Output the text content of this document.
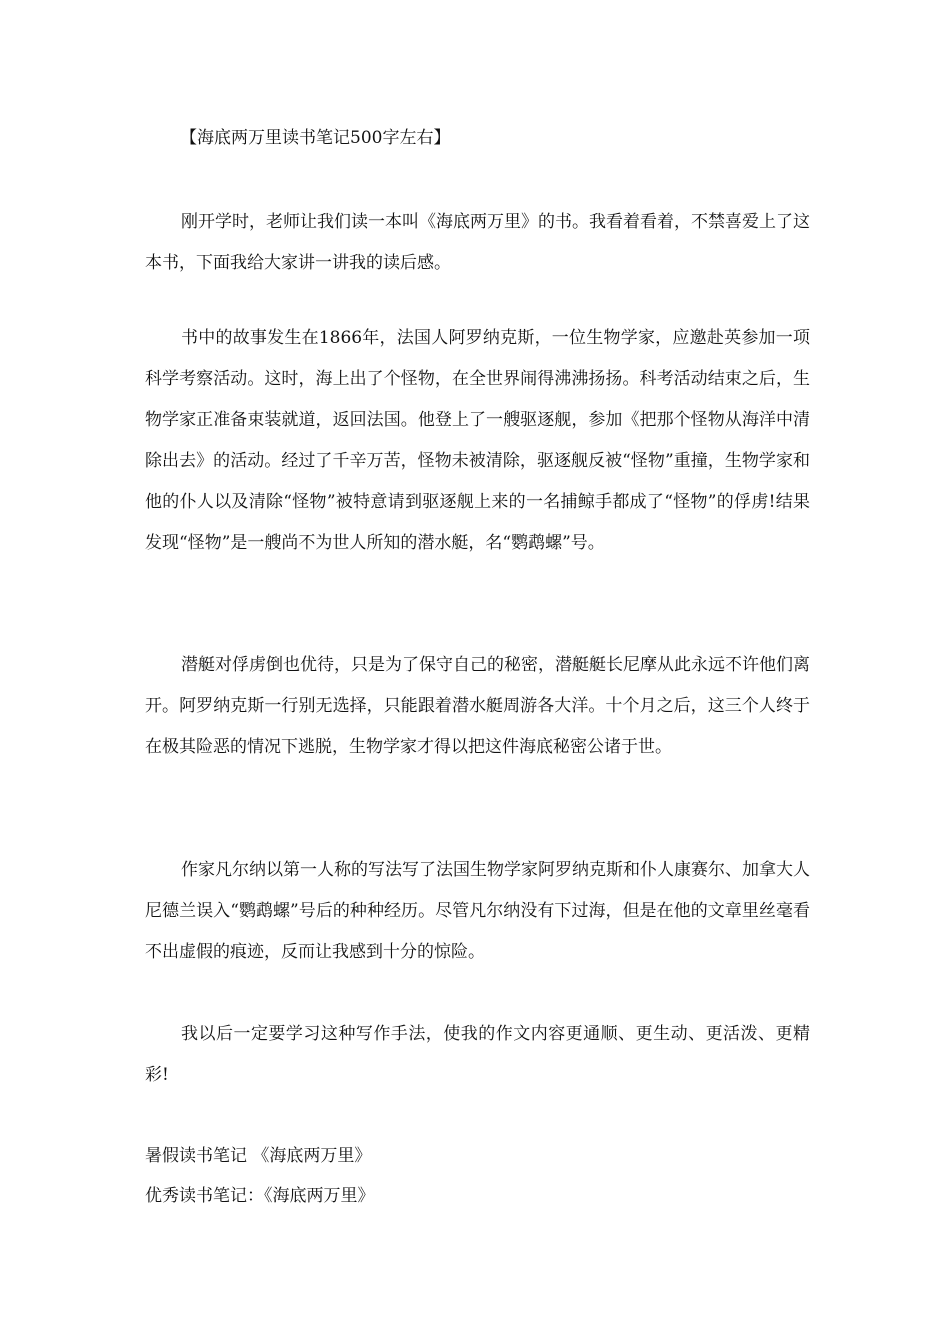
【海底两万里读书笔记500字左右】

刚开学时，老师让我们读一本叫《海底两万里》的书。我看着看着，不禁喜爱上了这本书，下面我给大家讲一讲我的读后感。

书中的故事发生在1866年，法国人阿罗纳克斯，一位生物学家，应邀赴英参加一项科学考察活动。这时，海上出了个怪物，在全世界闹得沸沸扬扬。科考活动结束之后，生物学家正准备束装就道，返回法国。他登上了一艘驱逐舰，参加《把那个怪物从海洋中清除出去》的活动。经过了千辛万苦，怪物未被清除，驱逐舰反被“怪物”重撞，生物学家和他的仆人以及清除“怪物”被特意请到驱逐舰上来的一名捕鲸手都成了“怪物”的俘虏!结果发现“怪物”是一艘尚不为世人所知的潜水艇，名“鹦鹉螺”号。

潜艇对俘虏倒也优待，只是为了保守自己的秘密，潜艇艇长尼摩从此永远不许他们离开。阿罗纳克斯一行别无选择，只能跟着潜水艇周游各大洋。十个月之后，这三个人终于在极其险恶的情况下逃脱，生物学家才得以把这件海底秘密公诸于世。

作家凡尔纳以第一人称的写法写了法国生物学家阿罗纳克斯和仆人康赛尔、加拿大人尼德兰误入“鹦鹉螺”号后的种种经历。尽管凡尔纳没有下过海，但是在他的文章里丝毫看不出虚假的痕迹，反而让我感到十分的惊险。

我以后一定要学习这种写作手法，使我的作文内容更通顺、更生动、更活泼、更精彩!

暑假读书笔记 《海底两万里》
优秀读书笔记：《海底两万里》
